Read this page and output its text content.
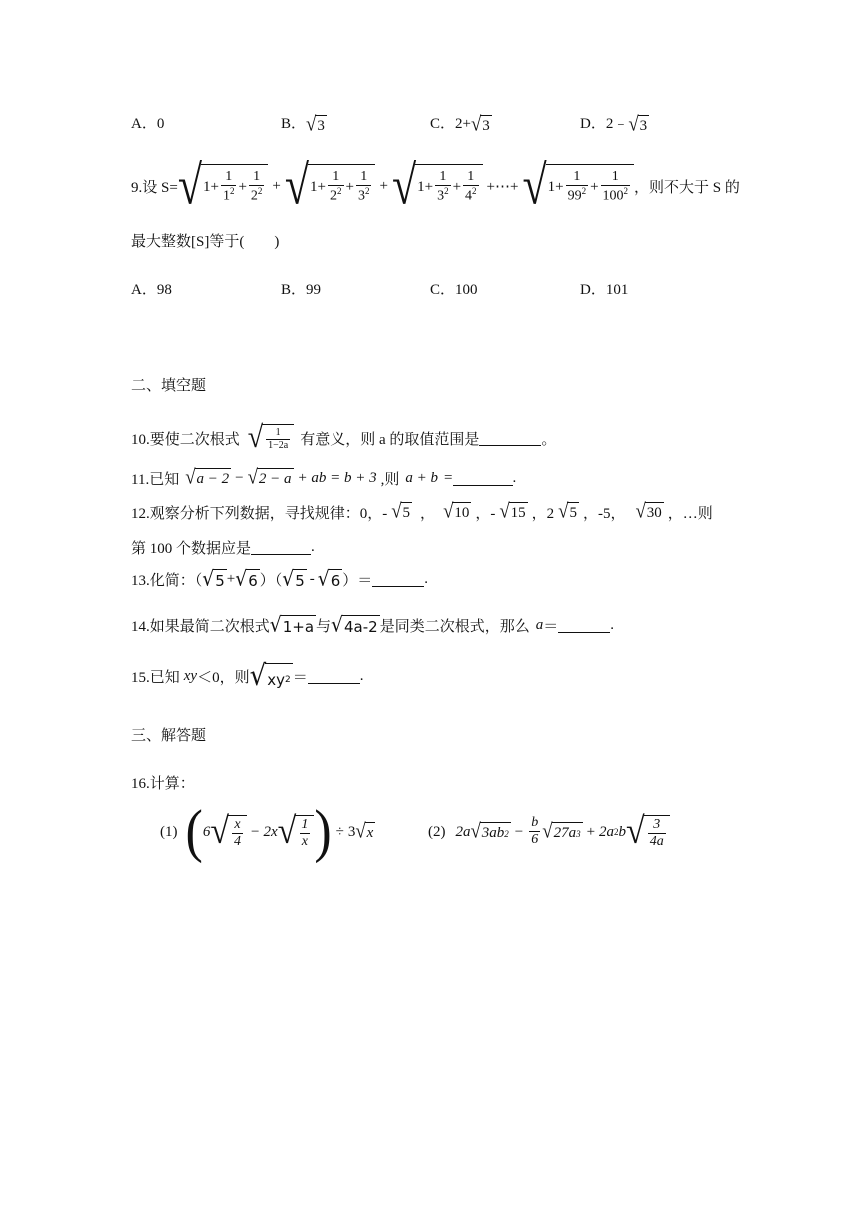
A．0	B． √ 3	C．2+ √ 3	D．2﹣ √ 3
9.设 S= √ $1 + \frac{1}{1^2} + \frac{1}{2^2}$ + √ $1 + \frac{1}{2^2} + \frac{1}{3^2}$ + √ $1 + \frac{1}{3^2} + \frac{1}{4^2}$ +⋯+ √ $1 + \frac{1}{99^2} + \frac{1}{100^2}$ ，则不大于 S 的
最大整数[S]等于(　　)
A．98	B．99	C．100	D．101
二、填空题
10.要使二次根式 √ $\frac{1}{1-2a}$ 有意义，则 a 的取值范围是	。
11.已知 √ a − 2 − √ 2 − a + ab = b + 3 ,则 a + b =	.
12.观察分析下列数据，寻找规律：0，- √ 5 ， √ 10 ，- √ 15 ，2 √ 5 ，-5， √ 30 ，…则
第 100 个数据应是	.
13.化简：（ √ 5 + √ 6 ）（ √ 5 - √ 6 ）＝	.
14.如果最简二次根式 √ 1+a 与 √ 4a-2 是同类二次根式，那么 a ＝	.
15.已知 xy ＜0，则 √ xy 2 ＝	.
三、解答题
16.计算：
(1) ( 6 √ $\frac{x}{4} - 2x$ √ $\frac{1}{x}$ ) ÷ 3 √ x	(2) 2a √ 3ab $2 - \frac{b}{6}$ √ 27a 3 + 2a 2 b √ $\frac{3}{4a}$
